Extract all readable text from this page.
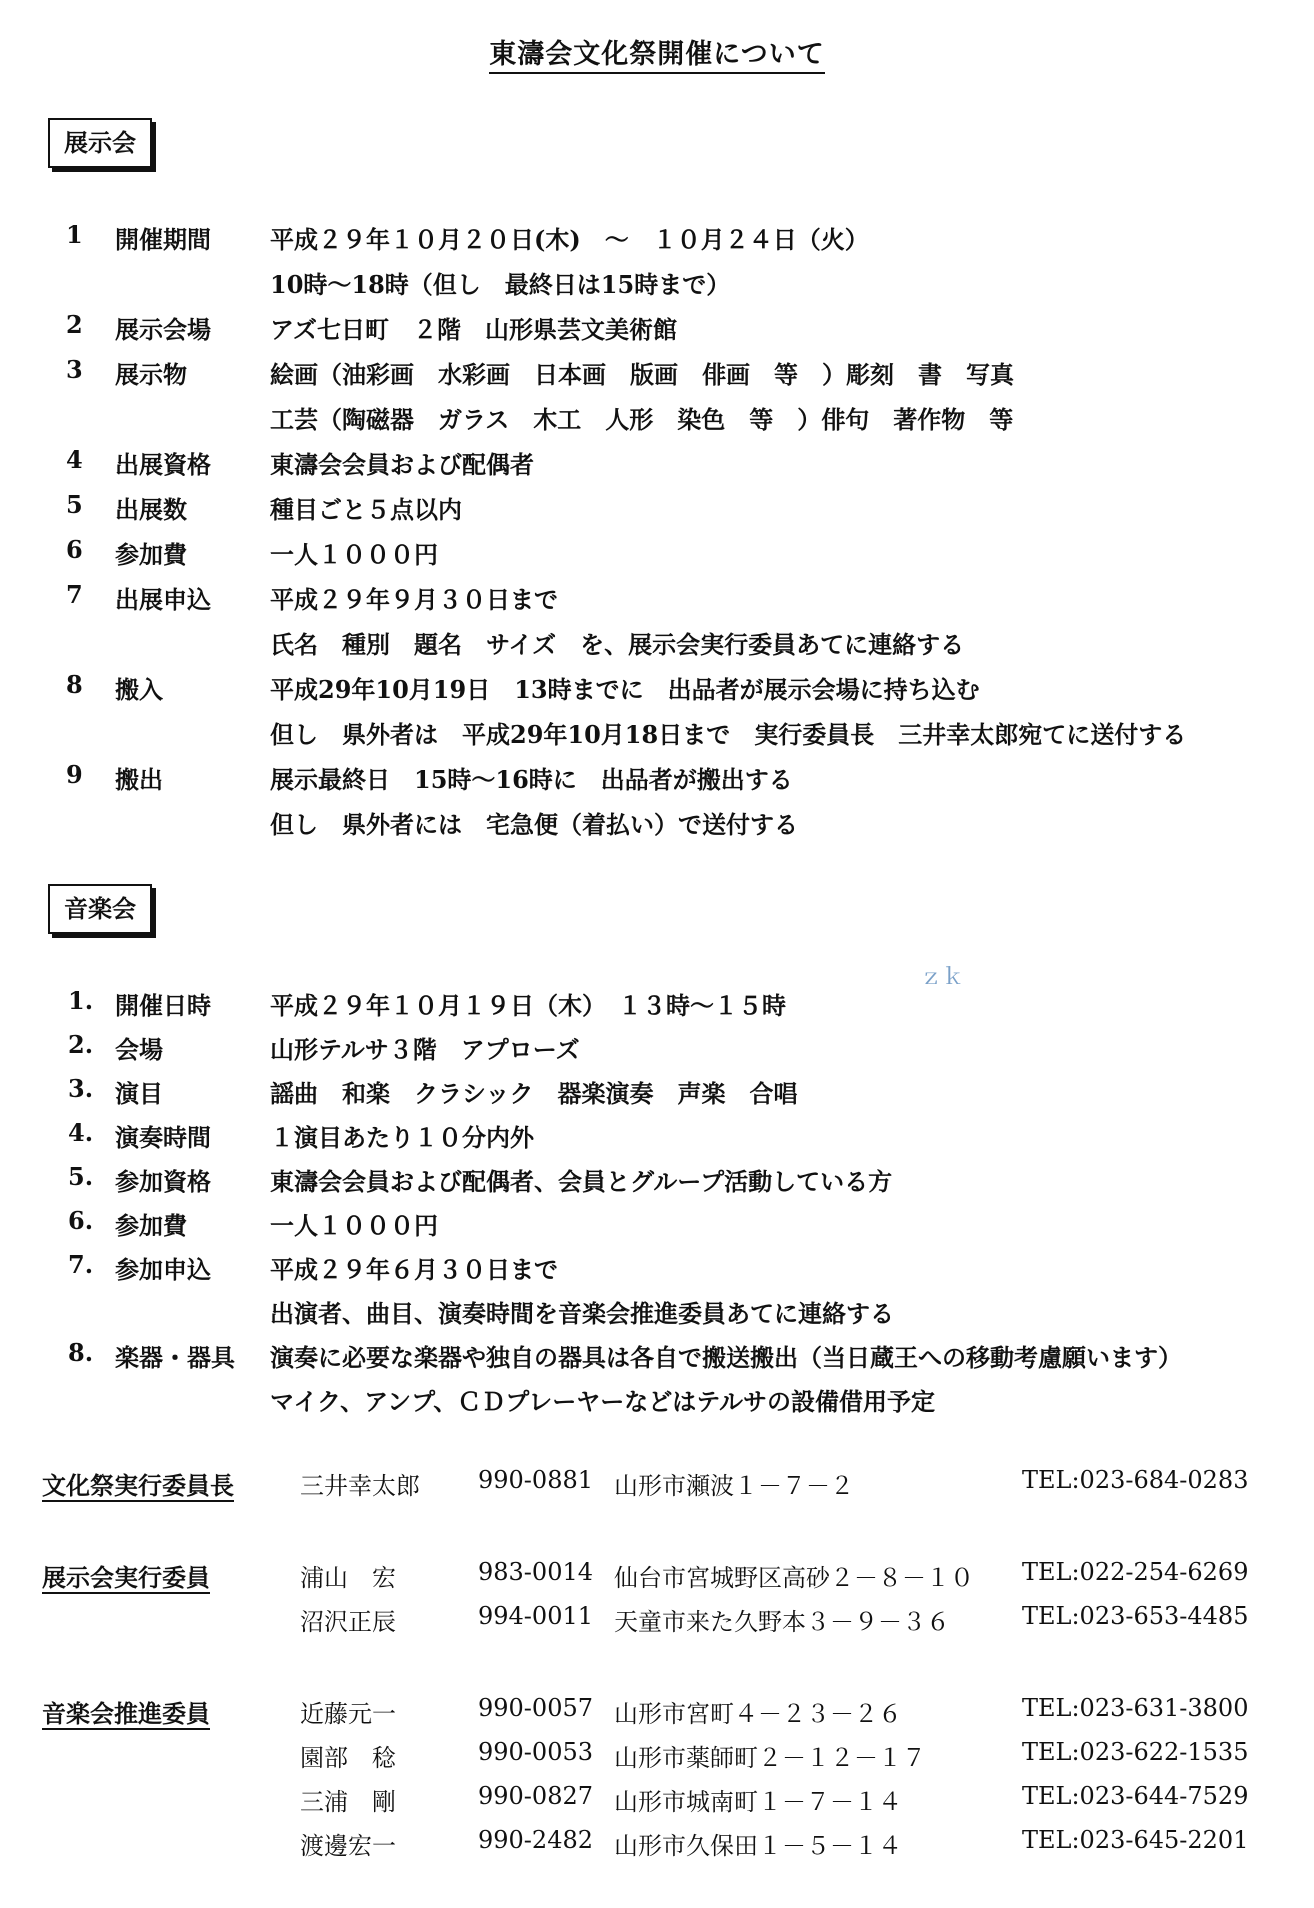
東濤会文化祭開催について
展示会
1 開催期間 平成２９年１０月２０日(木)　～　１０月２４日（火）
10時～18時（但し　最終日は15時まで）
2 展示会場 アズ七日町　２階　山形県芸文美術館
3 展示物	絵画（油彩画　水彩画　日本画　版画　俳画　等　）彫刻　書　写真
工芸（陶磁器　ガラス　木工　人形　染色　等　）俳句　著作物　等
4 出展資格 東濤会会員および配偶者
5 出展数	種目ごと５点以内
6 参加費	一人１０００円
7 出展申込 平成２９年９月３０日まで
氏名　種別　題名　サイズ　を、展示会実行委員あてに連絡する
8 搬入	平成29年10月19日　13時までに　出品者が展示会場に持ち込む
但し　県外者は　平成29年10月18日まで　実行委員長　三井幸太郎宛てに送付する
9 搬出	展示最終日　15時～16時に　出品者が搬出する
但し　県外者には　宅急便（着払い）で送付する
音楽会
ｚｋ
1. 開催日時 平成２９年１０月１９日（木）　１３時～１５時
2. 会場	山形テルサ３階　アプローズ
3. 演目	謡曲　和楽　クラシック　器楽演奏　声楽　合唱
4. 演奏時間 １演目あたり１０分内外
5. 参加資格 東濤会会員および配偶者、会員とグループ活動している方
6. 参加費	一人１０００円
7. 参加申込 平成２９年６月３０日まで
出演者、曲目、演奏時間を音楽会推進委員あてに連絡する
8. 楽器・器具 演奏に必要な楽器や独自の器具は各自で搬送搬出（当日蔵王への移動考慮願います）
マイク、アンプ、ＣＤプレーヤーなどはテルサの設備借用予定
文化祭実行委員長	三井幸太郎 990-0881 山形市瀬波１－７－２	TEL:023-684-0283
展示会実行委員	浦山　宏	983-0014 仙台市宮城野区高砂２－８－１０ TEL:022-254-6269
沼沢正辰	994-0011 天童市来た久野本３－９－３６	TEL:023-653-4485
音楽会推進委員	近藤元一	990-0057 山形市宮町４－２３－２６	TEL:023-631-3800
園部　稔	990-0053 山形市薬師町２－１２－１７	TEL:023-622-1535
三浦　剛	990-0827 山形市城南町１－７－１４	TEL:023-644-7529
渡邊宏一	990-2482 山形市久保田１－５－１４	TEL:023-645-2201
